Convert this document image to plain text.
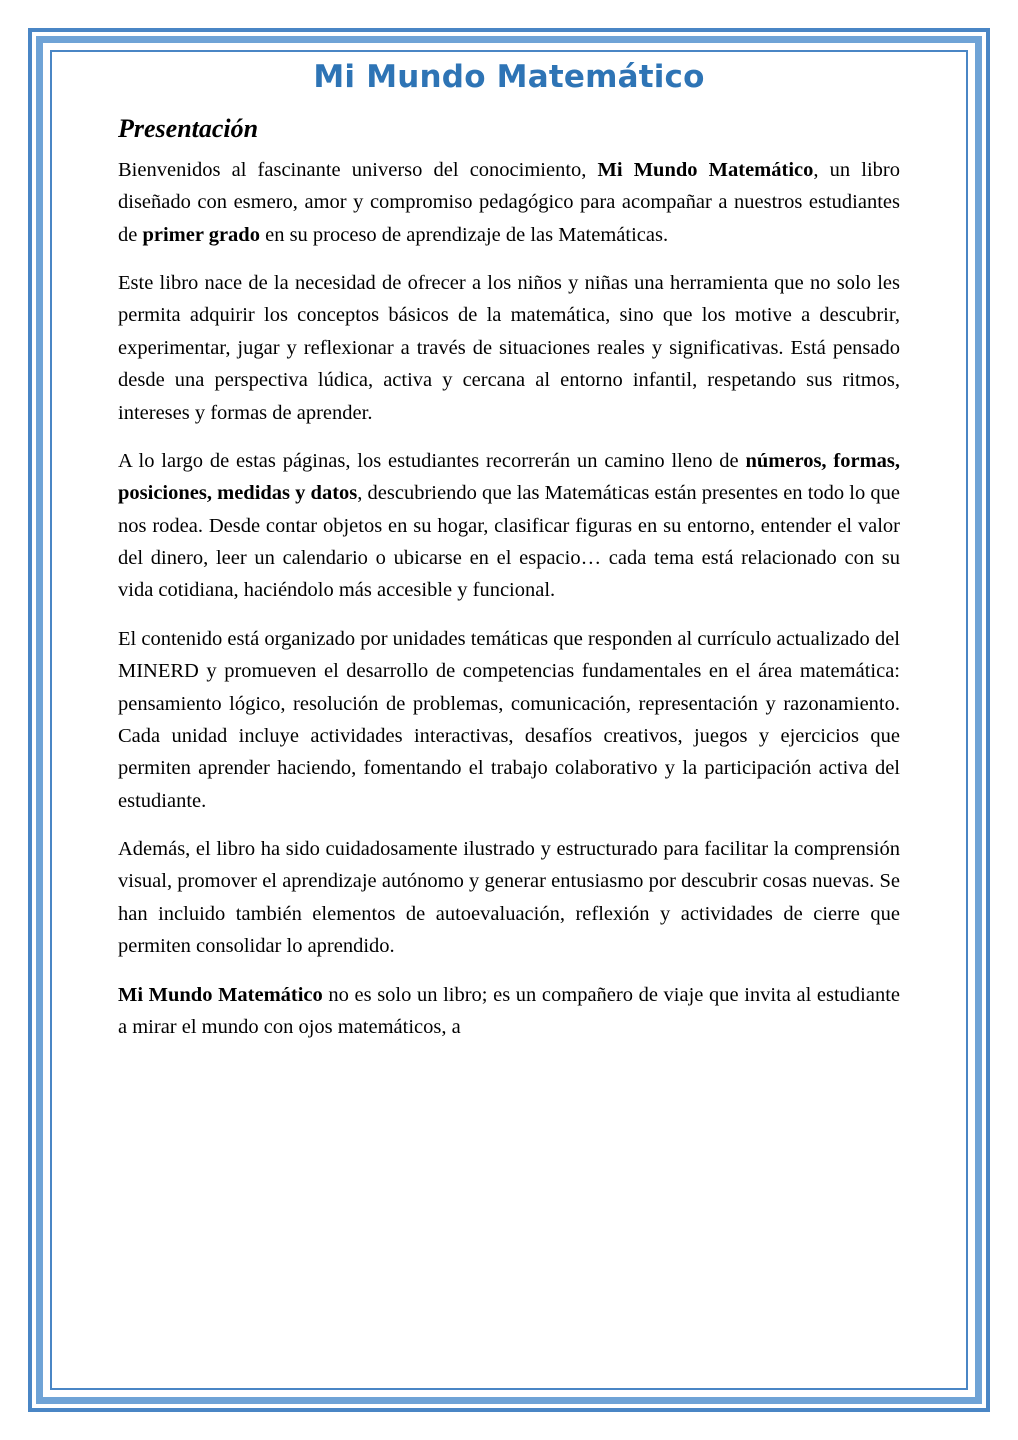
Mi Mundo Matemático
Presentación

Bienvenidos al fascinante universo del conocimiento, Mi Mundo Matemático, un libro diseñado con esmero, amor y compromiso pedagógico para acompañar a nuestros estudiantes de primer grado en su proceso de aprendizaje de las Matemáticas.

Este libro nace de la necesidad de ofrecer a los niños y niñas una herramienta que no solo les permita adquirir los conceptos básicos de la matemática, sino que los motive a descubrir, experimentar, jugar y reflexionar a través de situaciones reales y significativas. Está pensado desde una perspectiva lúdica, activa y cercana al entorno infantil, respetando sus ritmos, intereses y formas de aprender.

A lo largo de estas páginas, los estudiantes recorrerán un camino lleno de números, formas, posiciones, medidas y datos, descubriendo que las Matemáticas están presentes en todo lo que nos rodea. Desde contar objetos en su hogar, clasificar figuras en su entorno, entender el valor del dinero, leer un calendario o ubicarse en el espacio… cada tema está relacionado con su vida cotidiana, haciéndolo más accesible y funcional.

El contenido está organizado por unidades temáticas que responden al currículo actualizado del MINERD y promueven el desarrollo de competencias fundamentales en el área matemática: pensamiento lógico, resolución de problemas, comunicación, representación y razonamiento. Cada unidad incluye actividades interactivas, desafíos creativos, juegos y ejercicios que permiten aprender haciendo, fomentando el trabajo colaborativo y la participación activa del estudiante.

Además, el libro ha sido cuidadosamente ilustrado y estructurado para facilitar la comprensión visual, promover el aprendizaje autónomo y generar entusiasmo por descubrir cosas nuevas. Se han incluido también elementos de autoevaluación, reflexión y actividades de cierre que permiten consolidar lo aprendido.

Mi Mundo Matemático no es solo un libro; es un compañero de viaje que invita al estudiante a mirar el mundo con ojos matemáticos, a
